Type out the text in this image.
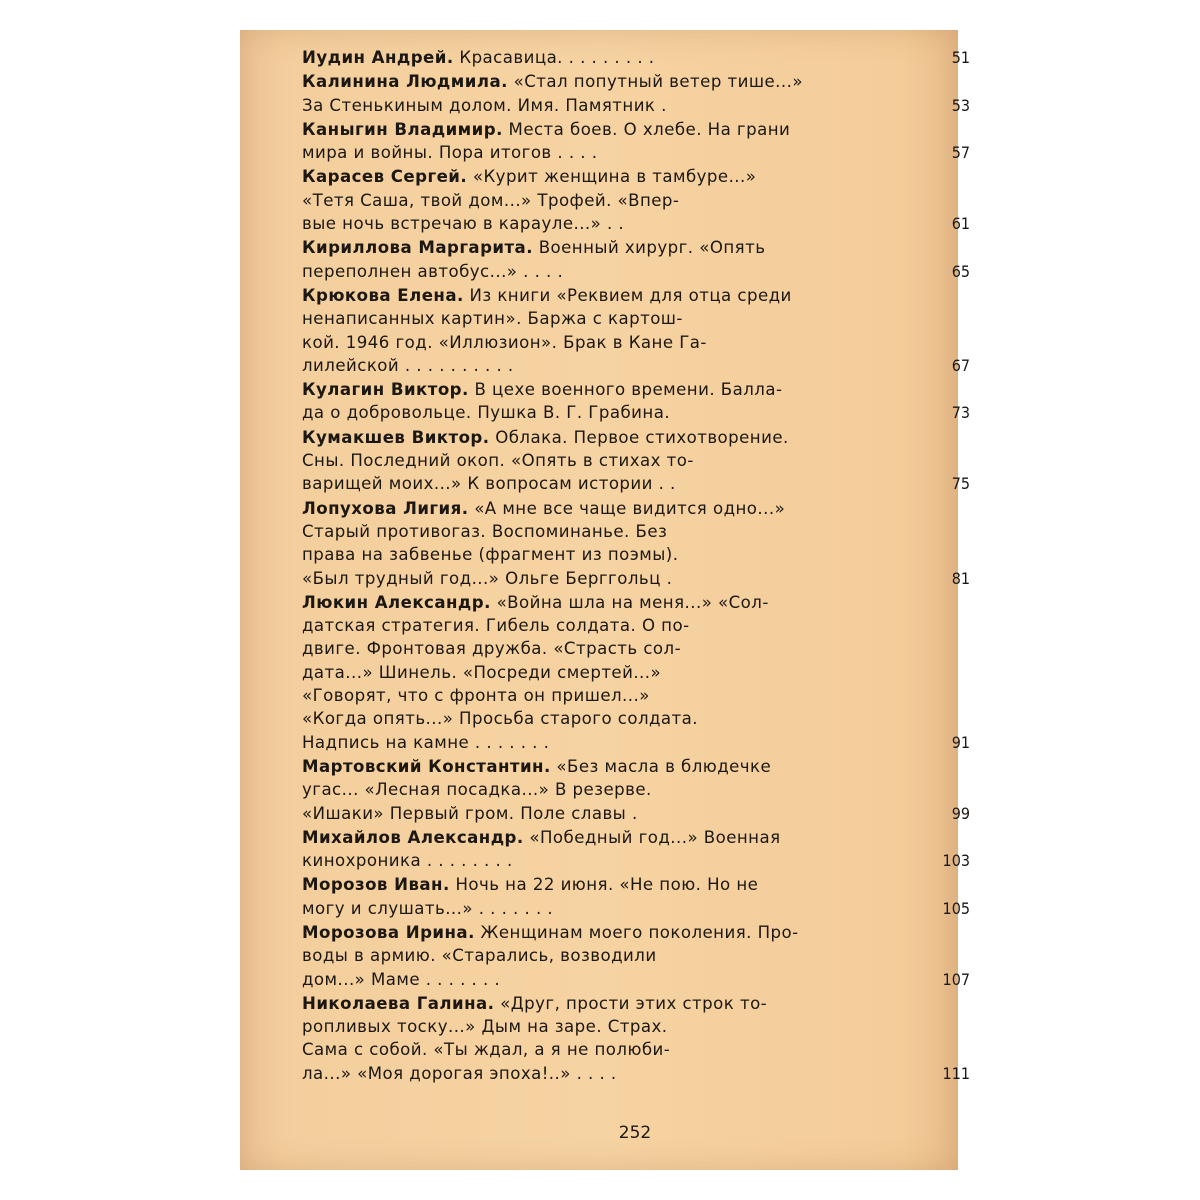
Иудин Андрей. Красавица. . . . . . . . .	51
Калинина Людмила. «Стал попутный ветер тише...»
За Стенькиным долом. Имя. Памятник .	53
Каныгин Владимир. Места боев. О хлебе. На грани
мира и войны. Пора итогов . . . .	57
Карасев Сергей. «Курит женщина в тамбуре...»
«Тетя Саша, твой дом...» Трофей. «Впер-
вые ночь встречаю в карауле...» . .	61
Кириллова Маргарита. Военный хирург. «Опять
переполнен автобус...» . . . .	65
Крюкова Елена. Из книги «Реквием для отца среди
ненаписанных картин». Баржа с картош-
кой. 1946 год. «Иллюзион». Брак в Кане Га-
лилейской . . . . . . . . . .	67
Кулагин Виктор. В цехе военного времени. Балла-
да о добровольце. Пушка В. Г. Грабина.	73
Кумакшев Виктор. Облака. Первое стихотворение.
Сны. Последний окоп. «Опять в стихах то-
варищей моих...» К вопросам истории . .	75
Лопухова Лигия. «А мне все чаще видится одно...»
Старый противогаз. Воспоминанье. Без
права на забвенье (фрагмент из поэмы).
«Был трудный год...» Ольге Берггольц .	81
Люкин Александр. «Война шла на меня...» «Сол-
датская стратегия. Гибель солдата. О по-
двиге. Фронтовая дружба. «Страсть сол-
дата...» Шинель. «Посреди смертей...»
«Говорят, что с фронта он пришел...»
«Когда опять...» Просьба старого солдата.
Надпись на камне . . . . . . .	91
Мартовский Константин. «Без масла в блюдечке
угас... «Лесная посадка...» В резерве.
«Ишаки» Первый гром. Поле славы .	99
Михайлов Александр. «Победный год...» Военная
кинохроника . . . . . . . .	103
Морозов Иван. Ночь на 22 июня. «Не пою. Но не
могу и слушать...» . . . . . . .	105
Морозова Ирина. Женщинам моего поколения. Про-
воды в армию. «Старались, возводили
дом...» Маме . . . . . . .	107
Николаева Галина. «Друг, прости этих строк то-
ропливых тоску...» Дым на заре. Страх.
Сама с собой. «Ты ждал, а я не полюби-
ла...» «Моя дорогая эпоха!..» . . . .	111
252
